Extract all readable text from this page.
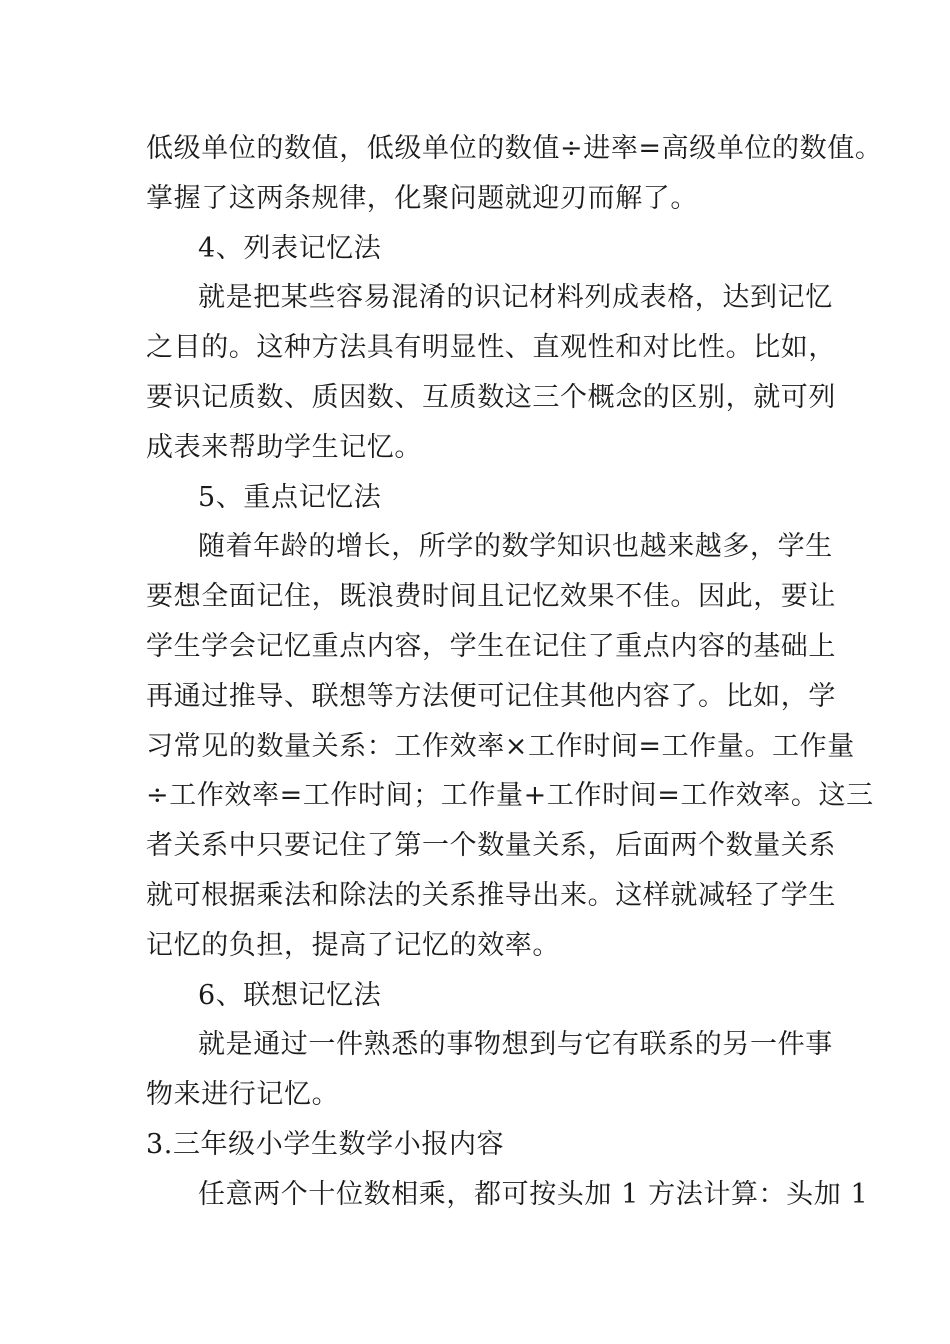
低级单位的数值，低级单位的数值÷进率=高级单位的数值。
掌握了这两条规律，化聚问题就迎刃而解了。
4、列表记忆法
就是把某些容易混淆的识记材料列成表格，达到记忆
之目的。这种方法具有明显性、直观性和对比性。比如，
要识记质数、质因数、互质数这三个概念的区别，就可列
成表来帮助学生记忆。
5、重点记忆法
随着年龄的增长，所学的数学知识也越来越多，学生
要想全面记住，既浪费时间且记忆效果不佳。因此，要让
学生学会记忆重点内容，学生在记住了重点内容的基础上
再通过推导、联想等方法便可记住其他内容了。比如，学
习常见的数量关系：工作效率×工作时间=工作量。工作量
÷工作效率=工作时间；工作量+工作时间=工作效率。这三
者关系中只要记住了第一个数量关系，后面两个数量关系
就可根据乘法和除法的关系推导出来。这样就减轻了学生
记忆的负担，提高了记忆的效率。
6、联想记忆法
就是通过一件熟悉的事物想到与它有联系的另一件事
物来进行记忆。
3.三年级小学生数学小报内容
任意两个十位数相乘，都可按头加 1 方法计算：头加 1
